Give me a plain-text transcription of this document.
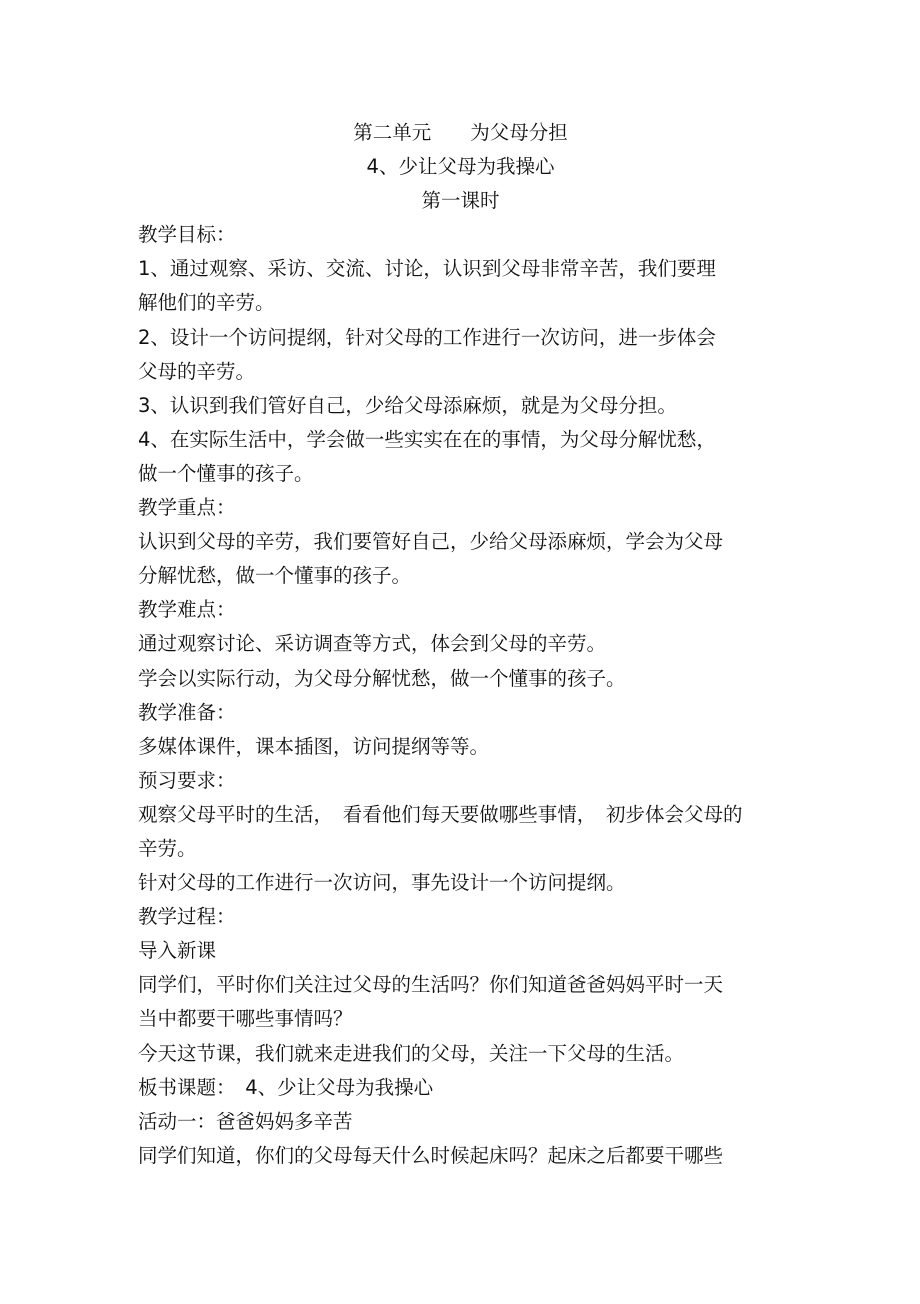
第二单元　　为父母分担
4、少让父母为我操心
第一课时
教学目标：
1、通过观察、采访、交流、讨论，认识到父母非常辛苦，我们要理
解他们的辛劳。
2、设计一个访问提纲，针对父母的工作进行一次访问，进一步体会
父母的辛劳。
3、认识到我们管好自己，少给父母添麻烦，就是为父母分担。
4、在实际生活中，学会做一些实实在在的事情，为父母分解忧愁，
做一个懂事的孩子。
教学重点：
认识到父母的辛劳，我们要管好自己，少给父母添麻烦，学会为父母
分解忧愁，做一个懂事的孩子。
教学难点：
通过观察讨论、采访调查等方式，体会到父母的辛劳。
学会以实际行动，为父母分解忧愁，做一个懂事的孩子。
教学准备：
多媒体课件，课本插图，访问提纲等等。
预习要求：
观察父母平时的生活，　看看他们每天要做哪些事情，　初步体会父母的
辛劳。
针对父母的工作进行一次访问，事先设计一个访问提纲。
教学过程：
导入新课
同学们，平时你们关注过父母的生活吗？你们知道爸爸妈妈平时一天
当中都要干哪些事情吗？
今天这节课，我们就来走进我们的父母，关注一下父母的生活。
板书课题：　4、少让父母为我操心
活动一：爸爸妈妈多辛苦
同学们知道，你们的父母每天什么时候起床吗？起床之后都要干哪些
